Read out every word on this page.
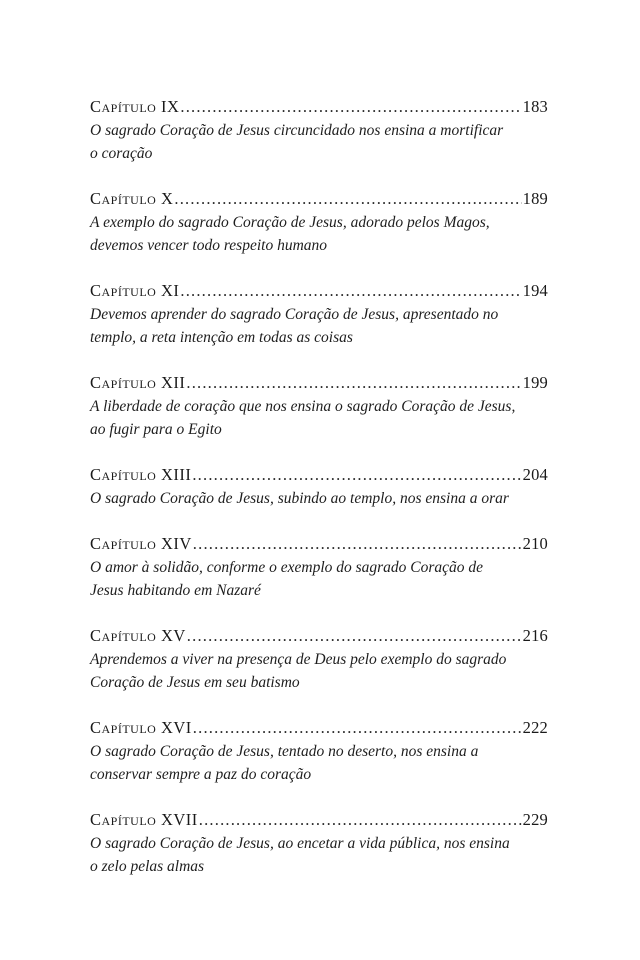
Capítulo IX .....	183
O sagrado Coração de Jesus circuncidado nos ensina a mortificar
o coração
Capítulo X .....	189
A exemplo do sagrado Coração de Jesus, adorado pelos Magos,
devemos vencer todo respeito humano
Capítulo XI .....	194
Devemos aprender do sagrado Coração de Jesus, apresentado no
templo, a reta intenção em todas as coisas
Capítulo XII .....	199
A liberdade de coração que nos ensina o sagrado Coração de Jesus,
ao fugir para o Egito
Capítulo XIII .....	204
O sagrado Coração de Jesus, subindo ao templo, nos ensina a orar
Capítulo XIV .....	210
O amor à solidão, conforme o exemplo do sagrado Coração de
Jesus habitando em Nazaré
Capítulo XV .....	216
Aprendemos a viver na presença de Deus pelo exemplo do sagrado
Coração de Jesus em seu batismo
Capítulo XVI .....	222
O sagrado Coração de Jesus, tentado no deserto, nos ensina a
conservar sempre a paz do coração
Capítulo XVII .....	229
O sagrado Coração de Jesus, ao encetar a vida pública, nos ensina
o zelo pelas almas
